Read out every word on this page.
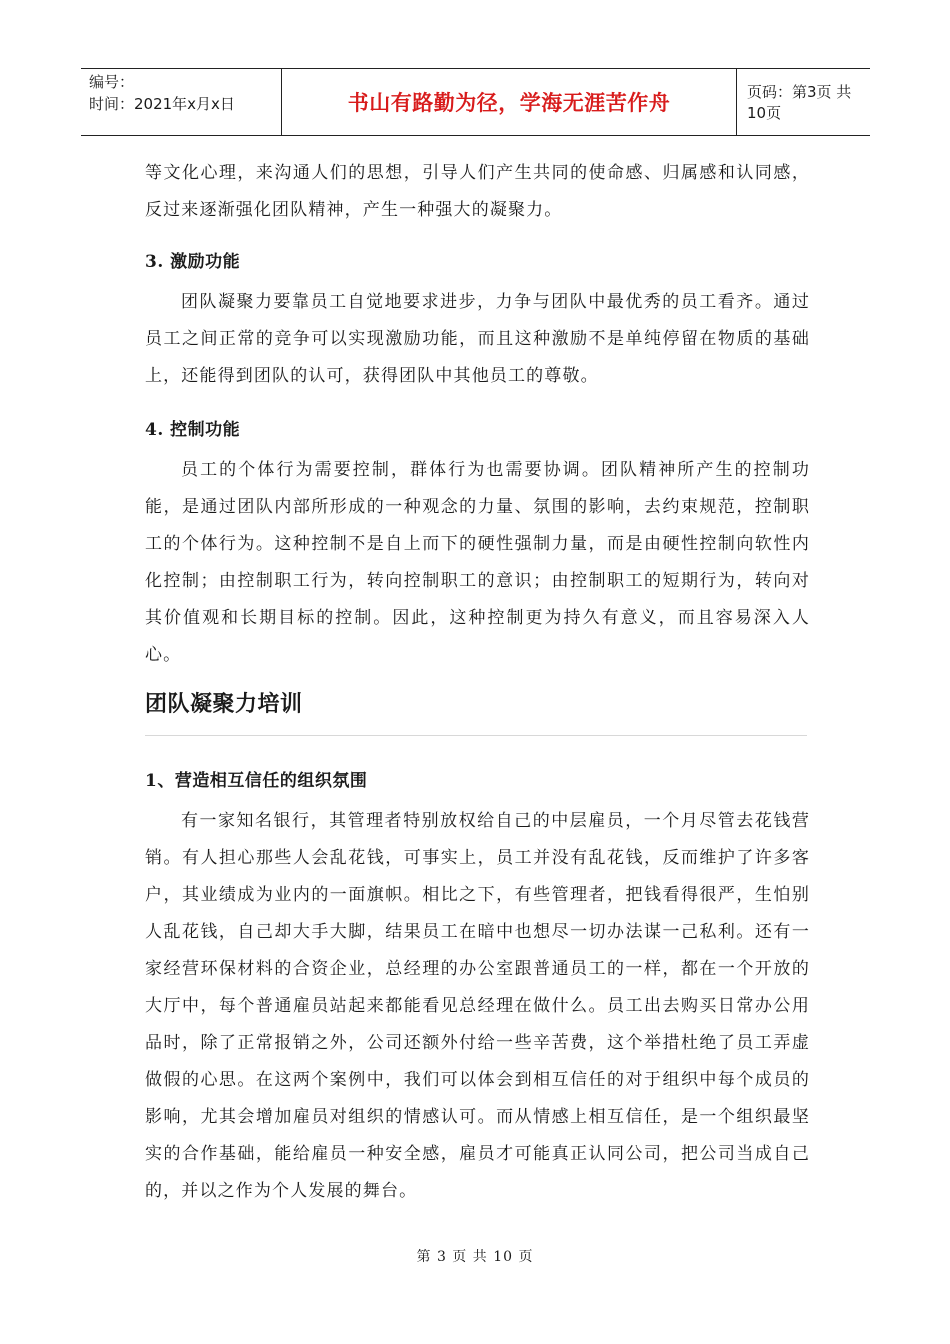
编号：
时间：2021年x月x日	书山有路勤为径，学海无涯苦作舟	页码：第3页 共10页

等文化心理，来沟通人们的思想，引导人们产生共同的使命感、归属感和认同感，反过来逐渐强化团队精神，产生一种强大的凝聚力。

3. 激励功能

团队凝聚力要靠员工自觉地要求进步，力争与团队中最优秀的员工看齐。通过员工之间正常的竞争可以实现激励功能，而且这种激励不是单纯停留在物质的基础上，还能得到团队的认可，获得团队中其他员工的尊敬。

4. 控制功能

员工的个体行为需要控制，群体行为也需要协调。团队精神所产生的控制功能，是通过团队内部所形成的一种观念的力量、氛围的影响，去约束规范，控制职工的个体行为。这种控制不是自上而下的硬性强制力量，而是由硬性控制向软性内化控制；由控制职工行为，转向控制职工的意识；由控制职工的短期行为，转向对其价值观和长期目标的控制。因此，这种控制更为持久有意义，而且容易深入人心。

团队凝聚力培训
1、营造相互信任的组织氛围

有一家知名银行，其管理者特别放权给自己的中层雇员，一个月尽管去花钱营销。有人担心那些人会乱花钱，可事实上，员工并没有乱花钱，反而维护了许多客户，其业绩成为业内的一面旗帜。相比之下，有些管理者，把钱看得很严，生怕别人乱花钱，自己却大手大脚，结果员工在暗中也想尽一切办法谋一己私利。还有一家经营环保材料的合资企业，总经理的办公室跟普通员工的一样，都在一个开放的大厅中，每个普通雇员站起来都能看见总经理在做什么。员工出去购买日常办公用品时，除了正常报销之外，公司还额外付给一些辛苦费，这个举措杜绝了员工弄虚做假的心思。在这两个案例中，我们可以体会到相互信任的对于组织中每个成员的影响，尤其会增加雇员对组织的情感认可。而从情感上相互信任，是一个组织最坚实的合作基础，能给雇员一种安全感，雇员才可能真正认同公司，把公司当成自己的，并以之作为个人发展的舞台。

第 3 页 共 10 页
